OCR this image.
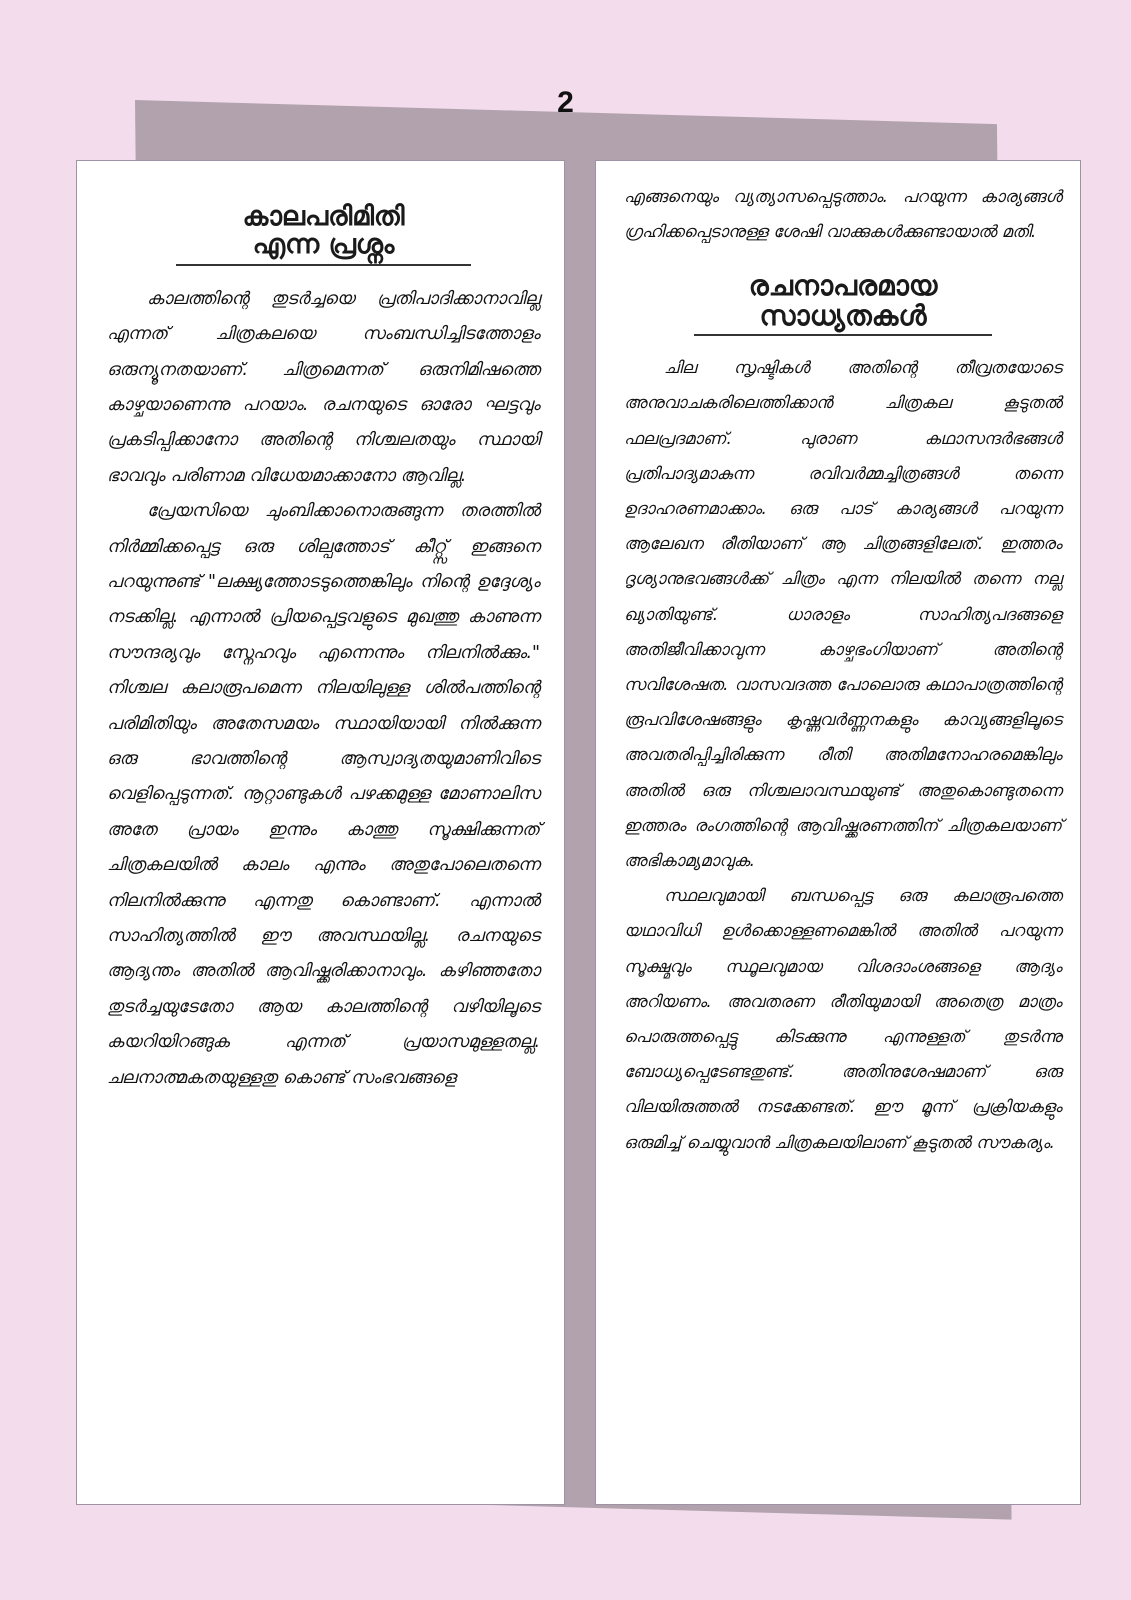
2
കാലപരിമിതി
എന്ന പ്രശ്നം

കാലത്തിന്റെ തുടർച്ചയെ പ്രതിപാദിക്കാനാവില്ല എന്നത് ചിത്രകലയെ സംബന്ധിച്ചിടത്തോളം ഒരുന്യൂനതയാണ്. ചിത്രമെന്നത് ഒരുനിമിഷത്തെ കാഴ്ചയാണെന്നു പറയാം. രചനയുടെ ഓരോ ഘട്ടവും പ്രകടിപ്പിക്കാനോ അതിന്റെ നിശ്ചലതയും സ്ഥായി ഭാവവും പരിണാമ വിധേയമാക്കാനോ ആവില്ല.

പ്രേയസിയെ ചുംബിക്കാനൊരുങ്ങുന്ന തരത്തിൽ നിർമ്മിക്കപ്പെട്ട ഒരു ശില്പത്തോട് കീറ്റ്സ് ഇങ്ങനെ പറയുന്നുണ്ട് "ലക്ഷ്യത്തോടടുത്തെങ്കിലും നിന്റെ ഉദ്ദേശ്യം നടക്കില്ല. എന്നാൽ പ്രിയപ്പെട്ടവളുടെ മുഖത്തു കാണുന്ന സൗന്ദര്യവും സ്നേഹവും എന്നെന്നും നിലനിൽക്കും." നിശ്ചല കലാരൂപമെന്ന നിലയിലുള്ള ശിൽപത്തിന്റെ പരിമിതിയും അതേസമയം സ്ഥായിയായി നിൽക്കുന്ന ഒരു ഭാവത്തിന്റെ ആസ്വാദ്യതയുമാണിവിടെ വെളിപ്പെടുന്നത്. നൂറ്റാണ്ടുകൾ പഴക്കമുള്ള മോണാലിസ അതേ പ്രായം ഇന്നും കാത്തു സൂക്ഷിക്കുന്നത് ചിത്രകലയിൽ കാലം എന്നും അതുപോലെതന്നെ നിലനിൽക്കുന്നു എന്നതു കൊണ്ടാണ്. എന്നാൽ സാഹിത്യത്തിൽ ഈ അവസ്ഥയില്ല. രചനയുടെ ആദ്യന്തം അതിൽ ആവിഷ്ക്കരിക്കാനാവും. കഴിഞ്ഞതോ തുടർച്ചയുടേതോ ആയ കാലത്തിന്റെ വഴിയിലൂടെ കയറിയിറങ്ങുക എന്നത് പ്രയാസമുള്ളതല്ല. ചലനാത്മകതയുള്ളതു കൊണ്ട് സംഭവങ്ങളെ

എങ്ങനെയും വ്യത്യാസപ്പെടുത്താം. പറയുന്ന കാര്യങ്ങൾ ഗ്രഹിക്കപ്പെടാനുള്ള ശേഷി വാക്കുകൾക്കുണ്ടായാൽ മതി.

രചനാപരമായ
സാധ്യതകൾ

ചില സൃഷ്ടികൾ അതിന്റെ തീവ്രതയോടെ അനുവാചകരിലെത്തിക്കാൻ ചിത്രകല കൂടുതൽ ഫലപ്രദമാണ്. പുരാണ കഥാസന്ദർഭങ്ങൾ പ്രതിപാദ്യമാകുന്ന രവിവർമ്മച്ചിത്രങ്ങൾ തന്നെ ഉദാഹരണമാക്കാം. ഒരു പാട് കാര്യങ്ങൾ പറയുന്ന ആലേഖന രീതിയാണ് ആ ചിത്രങ്ങളിലേത്. ഇത്തരം ദൃശ്യാനുഭവങ്ങൾക്ക് ചിത്രം എന്ന നിലയിൽ തന്നെ നല്ല ഖ്യാതിയുണ്ട്. ധാരാളം സാഹിത്യപദങ്ങളെ അതിജീവിക്കാവുന്ന കാഴ്ചഭംഗിയാണ് അതിന്റെ സവിശേഷത. വാസവദത്ത പോലൊരു കഥാപാത്രത്തിന്റെ രൂപവിശേഷങ്ങളും കൃഷ്ണവർണ്ണനകളും കാവ്യങ്ങളിലൂടെ അവതരിപ്പിച്ചിരിക്കുന്ന രീതി അതിമനോഹരമെങ്കിലും അതിൽ ഒരു നിശ്ചലാവസ്ഥയുണ്ട് അതുകൊണ്ടുതന്നെ ഇത്തരം രംഗത്തിന്റെ ആവിഷ്ക്കരണത്തിന് ചിത്രകലയാണ് അഭികാമ്യമാവുക.

സ്ഥലവുമായി ബന്ധപ്പെട്ട ഒരു കലാരൂപത്തെ യഥാവിധി ഉൾക്കൊള്ളണമെങ്കിൽ അതിൽ പറയുന്ന സൂക്ഷ്മവും സ്ഥൂലവുമായ വിശദാംശങ്ങളെ ആദ്യം അറിയണം. അവതരണ രീതിയുമായി അതെത്ര മാത്രം പൊരുത്തപ്പെട്ടു കിടക്കുന്നു എന്നുള്ളത് തുടർന്നു ബോധ്യപ്പെടേണ്ടതുണ്ട്. അതിനുശേഷമാണ് ഒരു വിലയിരുത്തൽ നടക്കേണ്ടത്. ഈ മൂന്ന് പ്രക്രിയകളും ഒരുമിച്ച് ചെയ്യുവാൻ ചിത്രകലയിലാണ് കൂടുതൽ സൗകര്യം.
